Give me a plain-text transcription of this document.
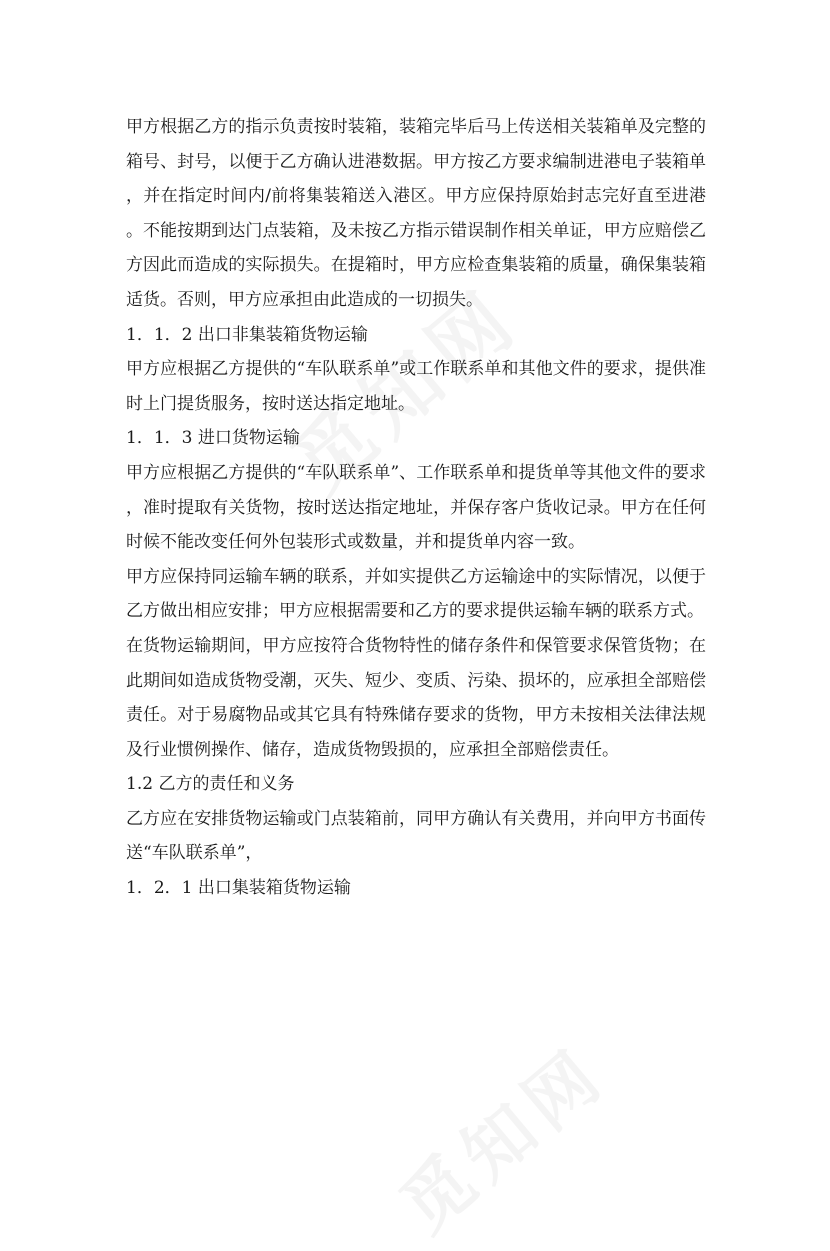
甲方根据乙方的指示负责按时装箱，装箱完毕后马上传送相关装箱单及完整的箱号、封号，以便于乙方确认进港数据。甲方按乙方要求编制进港电子装箱单，并在指定时间内/前将集装箱送入港区。甲方应保持原始封志完好直至进港。不能按期到达门点装箱，及未按乙方指示错误制作相关单证，甲方应赔偿乙方因此而造成的实际损失。在提箱时，甲方应检查集装箱的质量，确保集装箱适货。否则，甲方应承担由此造成的一切损失。

1．1．2 出口非集装箱货物运输

甲方应根据乙方提供的“车队联系单”或工作联系单和其他文件的要求，提供准时上门提货服务，按时送达指定地址。

1．1．3 进口货物运输

甲方应根据乙方提供的“车队联系单”、工作联系单和提货单等其他文件的要求，准时提取有关货物，按时送达指定地址，并保存客户货收记录。甲方在任何时候不能改变任何外包装形式或数量，并和提货单内容一致。

甲方应保持同运输车辆的联系，并如实提供乙方运输途中的实际情况，以便于乙方做出相应安排；甲方应根据需要和乙方的要求提供运输车辆的联系方式。

在货物运输期间，甲方应按符合货物特性的储存条件和保管要求保管货物；在此期间如造成货物受潮，灭失、短少、变质、污染、损坏的，应承担全部赔偿责任。对于易腐物品或其它具有特殊储存要求的货物，甲方未按相关法律法规及行业惯例操作、储存，造成货物毁损的，应承担全部赔偿责任。

1.2 乙方的责任和义务

乙方应在安排货物运输或门点装箱前，同甲方确认有关费用，并向甲方书面传送“车队联系单”，

1．2．1 出口集装箱货物运输
